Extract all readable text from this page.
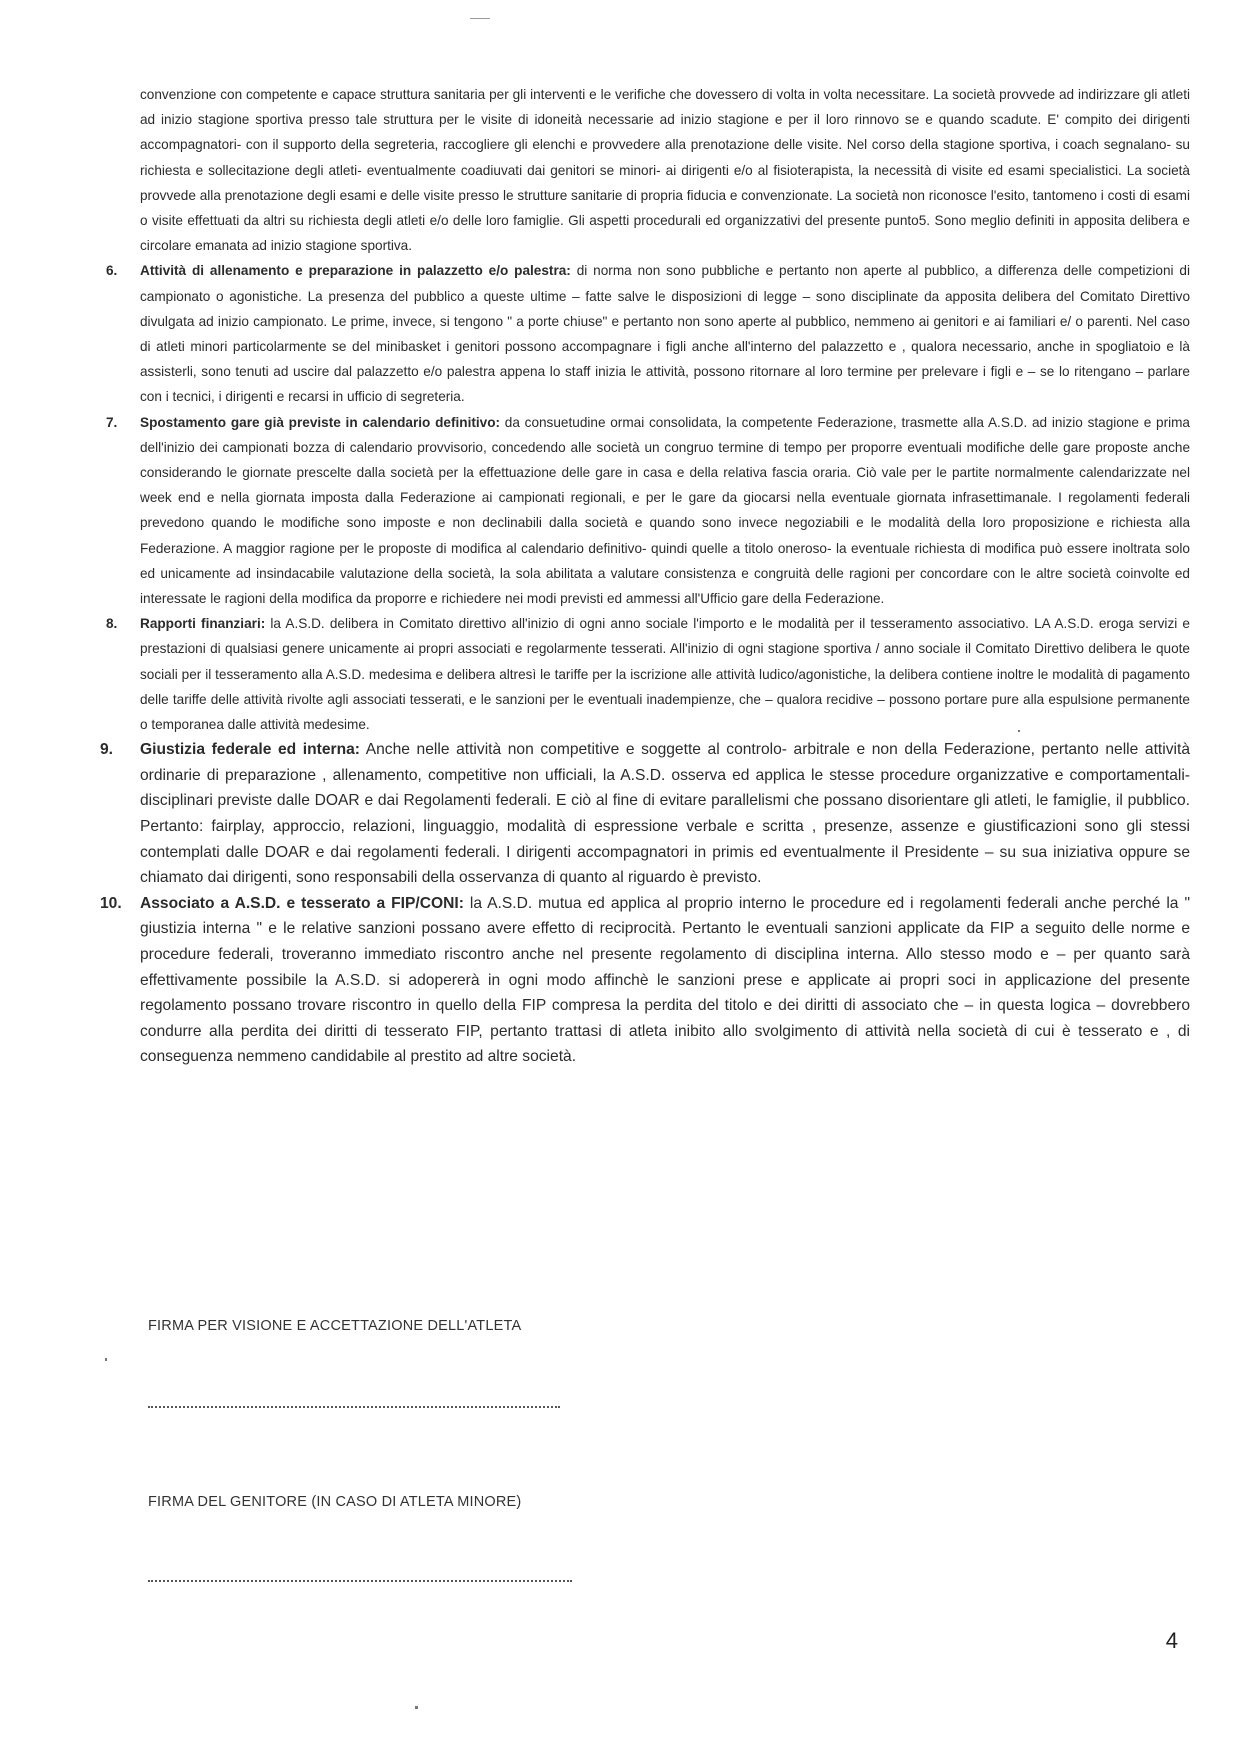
convenzione con competente e capace struttura sanitaria per gli interventi e le verifiche che dovessero di volta in volta necessitare. La società provvede ad indirizzare gli atleti ad inizio stagione sportiva presso tale struttura per le visite di idoneità necessarie ad inizio stagione e per il loro rinnovo se e quando scadute. E' compito dei dirigenti accompagnatori- con il supporto della segreteria, raccogliere gli elenchi e provvedere alla prenotazione delle visite. Nel corso della stagione sportiva, i coach segnalano- su richiesta e sollecitazione degli atleti- eventualmente coadiuvati dai genitori se minori- ai dirigenti e/o al fisioterapista, la necessità di visite ed esami specialistici. La società provvede alla prenotazione degli esami e delle visite presso le strutture sanitarie di propria fiducia e convenzionate. La società non riconosce l'esito, tantomeno i costi di esami o visite effettuati da altri su richiesta degli atleti e/o delle loro famiglie. Gli aspetti procedurali ed organizzativi del presente punto5. Sono meglio definiti in apposita delibera e circolare emanata ad inizio stagione sportiva.

6. Attività di allenamento e preparazione in palazzetto e/o palestra: di norma non sono pubbliche e pertanto non aperte al pubblico, a differenza delle competizioni di campionato o agonistiche. La presenza del pubblico a queste ultime – fatte salve le disposizioni di legge – sono disciplinate da apposita delibera del Comitato Direttivo divulgata ad inizio campionato. Le prime, invece, si tengono " a porte chiuse" e pertanto non sono aperte al pubblico, nemmeno ai genitori e ai familiari e/ o parenti. Nel caso di atleti minori particolarmente se del minibasket i genitori possono accompagnare i figli anche all'interno del palazzetto e , qualora necessario, anche in spogliatoio e là assisterli, sono tenuti ad uscire dal palazzetto e/o palestra appena lo staff inizia le attività, possono ritornare al loro termine per prelevare i figli e – se lo ritengano – parlare con i tecnici, i dirigenti e recarsi in ufficio di segreteria.
7. Spostamento gare già previste in calendario definitivo: da consuetudine ormai consolidata, la competente Federazione, trasmette alla A.S.D. ad inizio stagione e prima dell'inizio dei campionati bozza di calendario provvisorio, concedendo alle società un congruo termine di tempo per proporre eventuali modifiche delle gare proposte anche considerando le giornate prescelte dalla società per la effettuazione delle gare in casa e della relativa fascia oraria. Ciò vale per le partite normalmente calendarizzate nel week end e nella giornata imposta dalla Federazione ai campionati regionali, e per le gare da giocarsi nella eventuale giornata infrasettimanale. I regolamenti federali prevedono quando le modifiche sono imposte e non declinabili dalla società e quando sono invece negoziabili e le modalità della loro proposizione e richiesta alla Federazione. A maggior ragione per le proposte di modifica al calendario definitivo- quindi quelle a titolo oneroso- la eventuale richiesta di modifica può essere inoltrata solo ed unicamente ad insindacabile valutazione della società, la sola abilitata a valutare consistenza e congruità delle ragioni per concordare con le altre società coinvolte ed interessate le ragioni della modifica da proporre e richiedere nei modi previsti ed ammessi all'Ufficio gare della Federazione.
8. Rapporti finanziari: la A.S.D. delibera in Comitato direttivo all'inizio di ogni anno sociale l'importo e le modalità per il tesseramento associativo. LA A.S.D. eroga servizi e prestazioni di qualsiasi genere unicamente ai propri associati e regolarmente tesserati. All'inizio di ogni stagione sportiva / anno sociale il Comitato Direttivo delibera le quote sociali per il tesseramento alla A.S.D. medesima e delibera altresì le tariffe per la iscrizione alle attività ludico/agonistiche, la delibera contiene inoltre le modalità di pagamento delle tariffe delle attività rivolte agli associati tesserati, e le sanzioni per le eventuali inadempienze, che – qualora recidive – possono portare pure alla espulsione permanente o temporanea dalle attività medesime.
9. Giustizia federale ed interna: Anche nelle attività non competitive e soggette al controlo- arbitrale e non della Federazione, pertanto nelle attività ordinarie di preparazione , allenamento, competitive non ufficiali, la A.S.D. osserva ed applica le stesse procedure organizzative e comportamentali-disciplinari previste dalle DOAR e dai Regolamenti federali. E ciò al fine di evitare parallelismi che possano disorientare gli atleti, le famiglie, il pubblico. Pertanto: fairplay, approccio, relazioni, linguaggio, modalità di espressione verbale e scritta , presenze, assenze e giustificazioni sono gli stessi contemplati dalle DOAR e dai regolamenti federali. I dirigenti accompagnatori in primis ed eventualmente il Presidente – su sua iniziativa oppure se chiamato dai dirigenti, sono responsabili della osservanza di quanto al riguardo è previsto.
10. Associato a A.S.D. e tesserato a FIP/CONI: la A.S.D. mutua ed applica al proprio interno le procedure ed i regolamenti federali anche perché la " giustizia interna " e le relative sanzioni possano avere effetto di reciprocità. Pertanto le eventuali sanzioni applicate da FIP a seguito delle norme e procedure federali, troveranno immediato riscontro anche nel presente regolamento di disciplina interna. Allo stesso modo e – per quanto sarà effettivamente possibile la A.S.D. si adopererà in ogni modo affinchè le sanzioni prese e applicate ai propri soci in applicazione del presente regolamento possano trovare riscontro in quello della FIP compresa la perdita del titolo e dei diritti di associato che – in questa logica – dovrebbero condurre alla perdita dei diritti di tesserato FIP, pertanto trattasi di atleta inibito allo svolgimento di attività nella società di cui è tesserato e , di conseguenza nemmeno candidabile al prestito ad altre società.
FIRMA PER VISIONE E ACCETTAZIONE DELL'ATLETA
FIRMA DEL GENITORE (IN CASO DI ATLETA MINORE)
4
